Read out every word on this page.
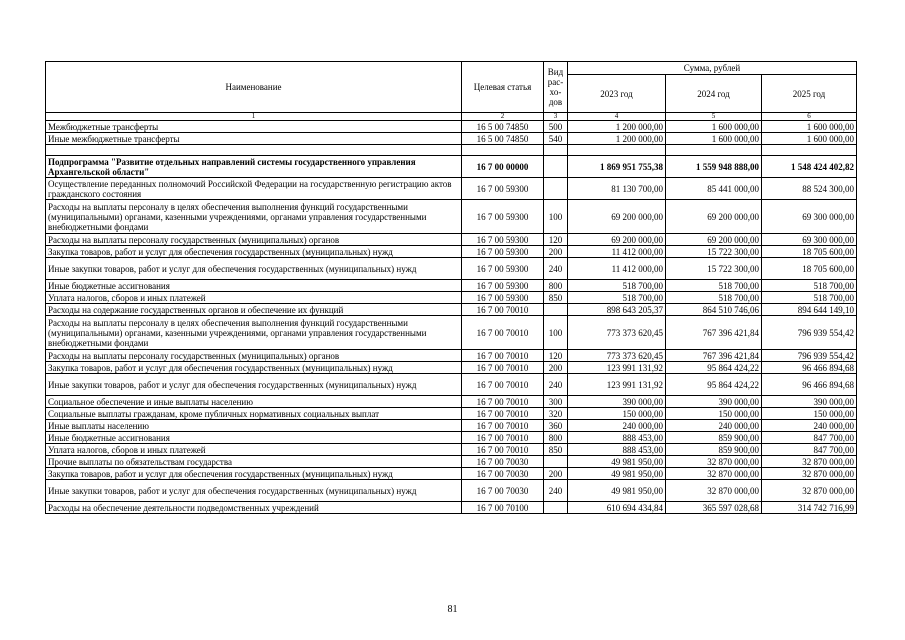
Наименование	Целевая статья	Вид рас-хо-дов	Сумма, рублей		
			2023 год	2024 год	2025 год
1	2	3	4	5	6
Межбюджетные трансферты	16 5 00 74850	500	1 200 000,00	1 600 000,00	1 600 000,00
Иные межбюджетные трансферты	16 5 00 74850	540	1 200 000,00	1 600 000,00	1 600 000,00

Подпрограмма "Развитие отдельных направлений системы государственного управления Архангельской области"	16 7 00 00000		1 869 951 755,38	1 559 948 888,00	1 548 424 402,82
Осуществление переданных полномочий Российской Федерации на государственную регистрацию актов гражданского состояния	16 7 00 59300		81 130 700,00	85 441 000,00	88 524 300,00
Расходы на выплаты персоналу в целях обеспечения выполнения функций государственными (муниципальными) органами, казенными учреждениями, органами управления государственными внебюджетными фондами	16 7 00 59300	100	69 200 000,00	69 200 000,00	69 300 000,00
Расходы на выплаты персоналу государственных (муниципальных) органов	16 7 00 59300	120	69 200 000,00	69 200 000,00	69 300 000,00
Закупка товаров, работ и услуг для обеспечения государственных (муниципальных) нужд	16 7 00 59300	200	11 412 000,00	15 722 300,00	18 705 600,00
Иные закупки товаров, работ и услуг для обеспечения государственных (муниципальных) нужд	16 7 00 59300	240	11 412 000,00	15 722 300,00	18 705 600,00
Иные бюджетные ассигнования	16 7 00 59300	800	518 700,00	518 700,00	518 700,00
Уплата налогов, сборов и иных платежей	16 7 00 59300	850	518 700,00	518 700,00	518 700,00
Расходы на содержание государственных органов и обеспечение их функций	16 7 00 70010		898 643 205,37	864 510 746,06	894 644 149,10
Расходы на выплаты персоналу в целях обеспечения выполнения функций государственными (муниципальными) органами, казенными учреждениями, органами управления государственными внебюджетными фондами	16 7 00 70010	100	773 373 620,45	767 396 421,84	796 939 554,42
Расходы на выплаты персоналу государственных (муниципальных) органов	16 7 00 70010	120	773 373 620,45	767 396 421,84	796 939 554,42
Закупка товаров, работ и услуг для обеспечения государственных (муниципальных) нужд	16 7 00 70010	200	123 991 131,92	95 864 424,22	96 466 894,68
Иные закупки товаров, работ и услуг для обеспечения государственных (муниципальных) нужд	16 7 00 70010	240	123 991 131,92	95 864 424,22	96 466 894,68
Социальное обеспечение и иные выплаты населению	16 7 00 70010	300	390 000,00	390 000,00	390 000,00
Социальные выплаты гражданам, кроме публичных нормативных социальных выплат	16 7 00 70010	320	150 000,00	150 000,00	150 000,00
Иные выплаты населению	16 7 00 70010	360	240 000,00	240 000,00	240 000,00
Иные бюджетные ассигнования	16 7 00 70010	800	888 453,00	859 900,00	847 700,00
Уплата налогов, сборов и иных платежей	16 7 00 70010	850	888 453,00	859 900,00	847 700,00
Прочие выплаты по обязательствам государства	16 7 00 70030		49 981 950,00	32 870 000,00	32 870 000,00
Закупка товаров, работ и услуг для обеспечения государственных (муниципальных) нужд	16 7 00 70030	200	49 981 950,00	32 870 000,00	32 870 000,00
Иные закупки товаров, работ и услуг для обеспечения государственных (муниципальных) нужд	16 7 00 70030	240	49 981 950,00	32 870 000,00	32 870 000,00
Расходы на обеспечение деятельности подведомственных учреждений	16 7 00 70100		610 694 434,84	365 597 028,68	314 742 716,99
81
